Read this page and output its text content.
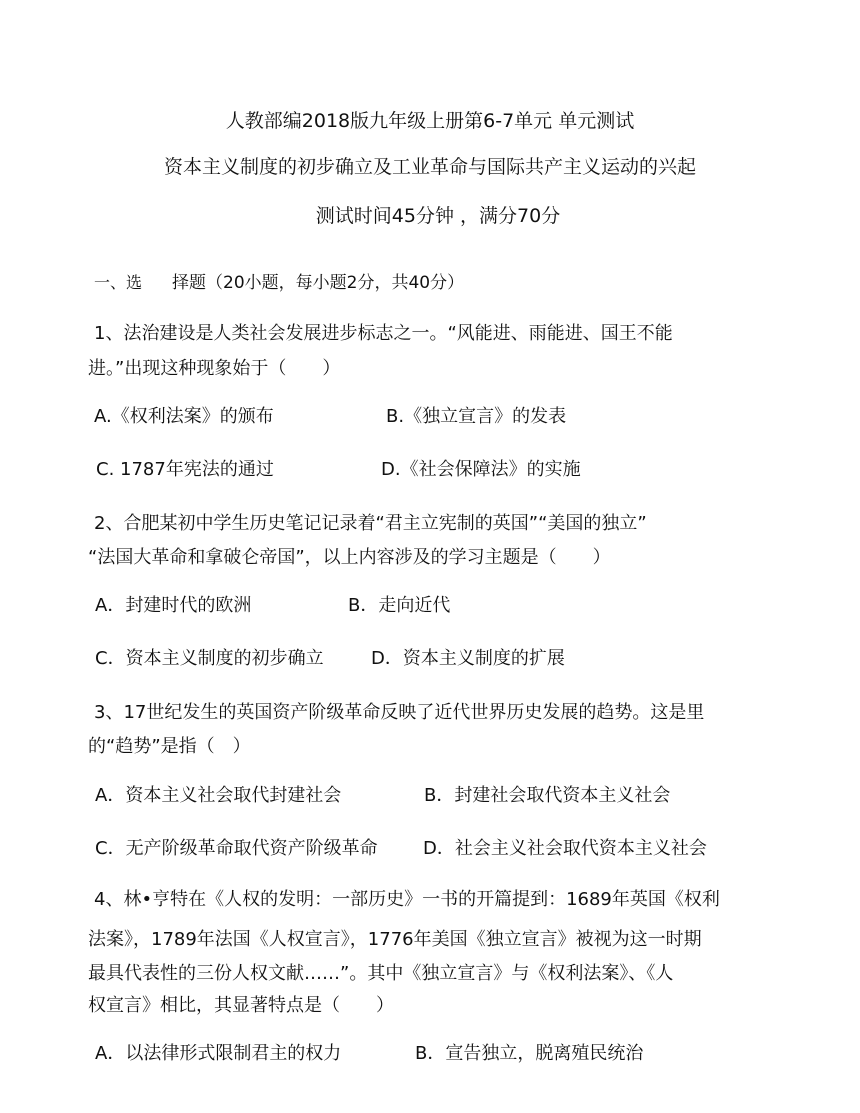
人教部编2018版九年级上册第6-7单元 单元测试
资本主义制度的初步确立及工业革命与国际共产主义运动的兴起
测试时间45分钟 ，满分70分
一、选 择题（20小题，每小题2分，共40分）
1、法治建设是人类社会发展进步标志之一。“风能进、雨能进、国王不能
进。”出现这种现象始于（　　）
A.《权利法案》的颁布	B.《独立宣言》的发表
C. 1787年宪法的通过	D.《社会保障法》的实施
2、合肥某初中学生历史笔记记录着“君主立宪制的英国”“美国的独立”
“法国大革命和拿破仑帝国”，以上内容涉及的学习主题是（　　）
A．封建时代的欧洲	B．走向近代
C．资本主义制度的初步确立	D．资本主义制度的扩展
3、17世纪发生的英国资产阶级革命反映了近代世界历史发展的趋势。这是里
的“趋势”是指（　）
A．资本主义社会取代封建社会	B．封建社会取代资本主义社会
C．无产阶级革命取代资产阶级革命	D．社会主义社会取代资本主义社会
4、林•亨特在《人权的发明：一部历史》一书的开篇提到：1689年英国《权利
法案》，1789年法国《人权宣言》，1776年美国《独立宣言》被视为这一时期
最具代表性的三份人权文献……”。其中《独立宣言》与《权利法案》、《人
权宣言》相比，其显著特点是（　　）
A．以法律形式限制君主的权力	B．宣告独立，脱离殖民统治
